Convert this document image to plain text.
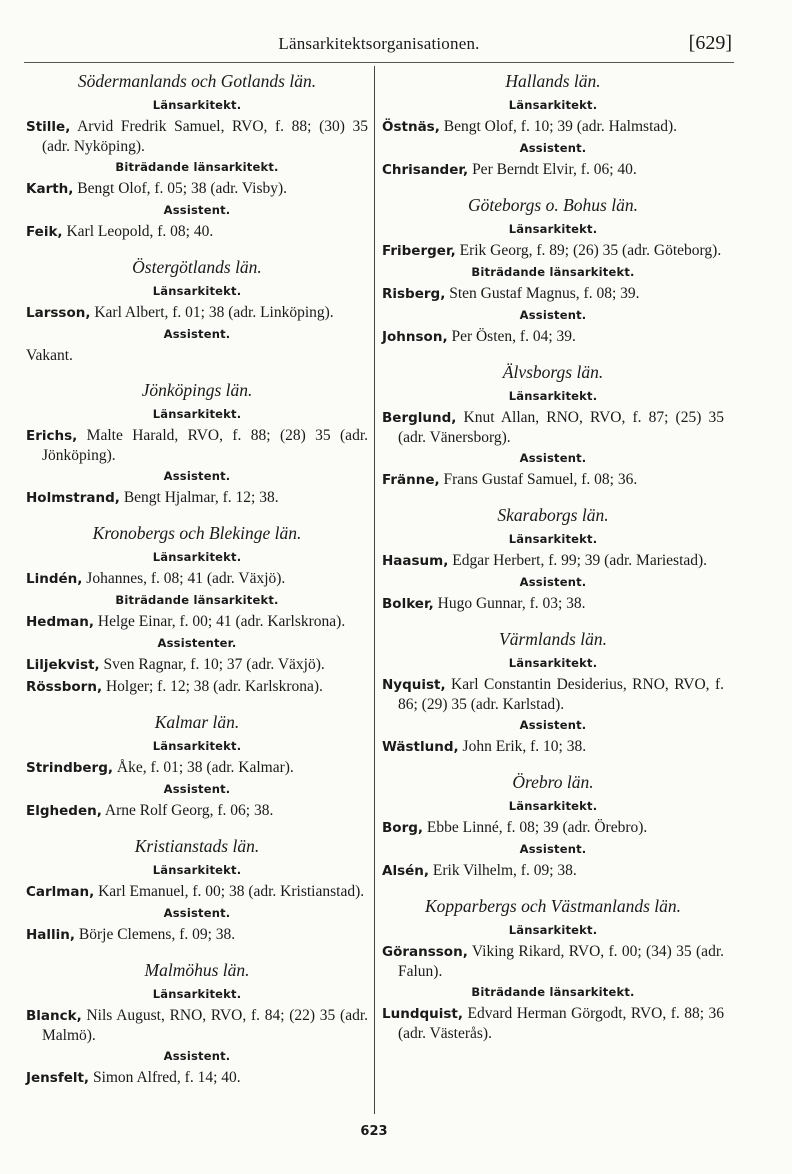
Länsarkitektsorganisationen.	[629]
Södermanlands och Gotlands län.
Länsarkitekt.
Stille, Arvid Fredrik Samuel, RVO, f. 88; (30) 35 (adr. Nyköping).
Biträdande länsarkitekt.
Karth, Bengt Olof, f. 05; 38 (adr. Visby).
Assistent.
Feik, Karl Leopold, f. 08; 40.
Östergötlands län.
Länsarkitekt.
Larsson, Karl Albert, f. 01; 38 (adr. Linköping).
Assistent.
Vakant.
Jönköpings län.
Länsarkitekt.
Erichs, Malte Harald, RVO, f. 88; (28) 35 (adr. Jönköping).
Assistent.
Holmstrand, Bengt Hjalmar, f. 12; 38.
Kronobergs och Blekinge län.
Länsarkitekt.
Lindén, Johannes, f. 08; 41 (adr. Växjö).
Biträdande länsarkitekt.
Hedman, Helge Einar, f. 00; 41 (adr. Karlskrona).
Assistenter.
Liljekvist, Sven Ragnar, f. 10; 37 (adr. Växjö).
Rössborn, Holger; f. 12; 38 (adr. Karlskrona).
Kalmar län.
Länsarkitekt.
Strindberg, Åke, f. 01; 38 (adr. Kalmar).
Assistent.
Elgheden, Arne Rolf Georg, f. 06; 38.
Kristianstads län.
Länsarkitekt.
Carlman, Karl Emanuel, f. 00; 38 (adr. Kristianstad).
Assistent.
Hallin, Börje Clemens, f. 09; 38.
Malmöhus län.
Länsarkitekt.
Blanck, Nils August, RNO, RVO, f. 84; (22) 35 (adr. Malmö).
Assistent.
Jensfelt, Simon Alfred, f. 14; 40.
Hallands län.
Länsarkitekt.
Östnäs, Bengt Olof, f. 10; 39 (adr. Halmstad).
Assistent.
Chrisander, Per Berndt Elvir, f. 06; 40.
Göteborgs o. Bohus län.
Länsarkitekt.
Friberger, Erik Georg, f. 89; (26) 35 (adr. Göteborg).
Biträdande länsarkitekt.
Risberg, Sten Gustaf Magnus, f. 08; 39.
Assistent.
Johnson, Per Östen, f. 04; 39.
Älvsborgs län.
Länsarkitekt.
Berglund, Knut Allan, RNO, RVO, f. 87; (25) 35 (adr. Vänersborg).
Assistent.
Fränne, Frans Gustaf Samuel, f. 08; 36.
Skaraborgs län.
Länsarkitekt.
Haasum, Edgar Herbert, f. 99; 39 (adr. Mariestad).
Assistent.
Bolker, Hugo Gunnar, f. 03; 38.
Värmlands län.
Länsarkitekt.
Nyquist, Karl Constantin Desiderius, RNO, RVO, f. 86; (29) 35 (adr. Karlstad).
Assistent.
Wästlund, John Erik, f. 10; 38.
Örebro län.
Länsarkitekt.
Borg, Ebbe Linné, f. 08; 39 (adr. Örebro).
Assistent.
Alsén, Erik Vilhelm, f. 09; 38.
Kopparbergs och Västmanlands län.
Länsarkitekt.
Göransson, Viking Rikard, RVO, f. 00; (34) 35 (adr. Falun).
Biträdande länsarkitekt.
Lundquist, Edvard Herman Görgodt, RVO, f. 88; 36 (adr. Västerås).
623
